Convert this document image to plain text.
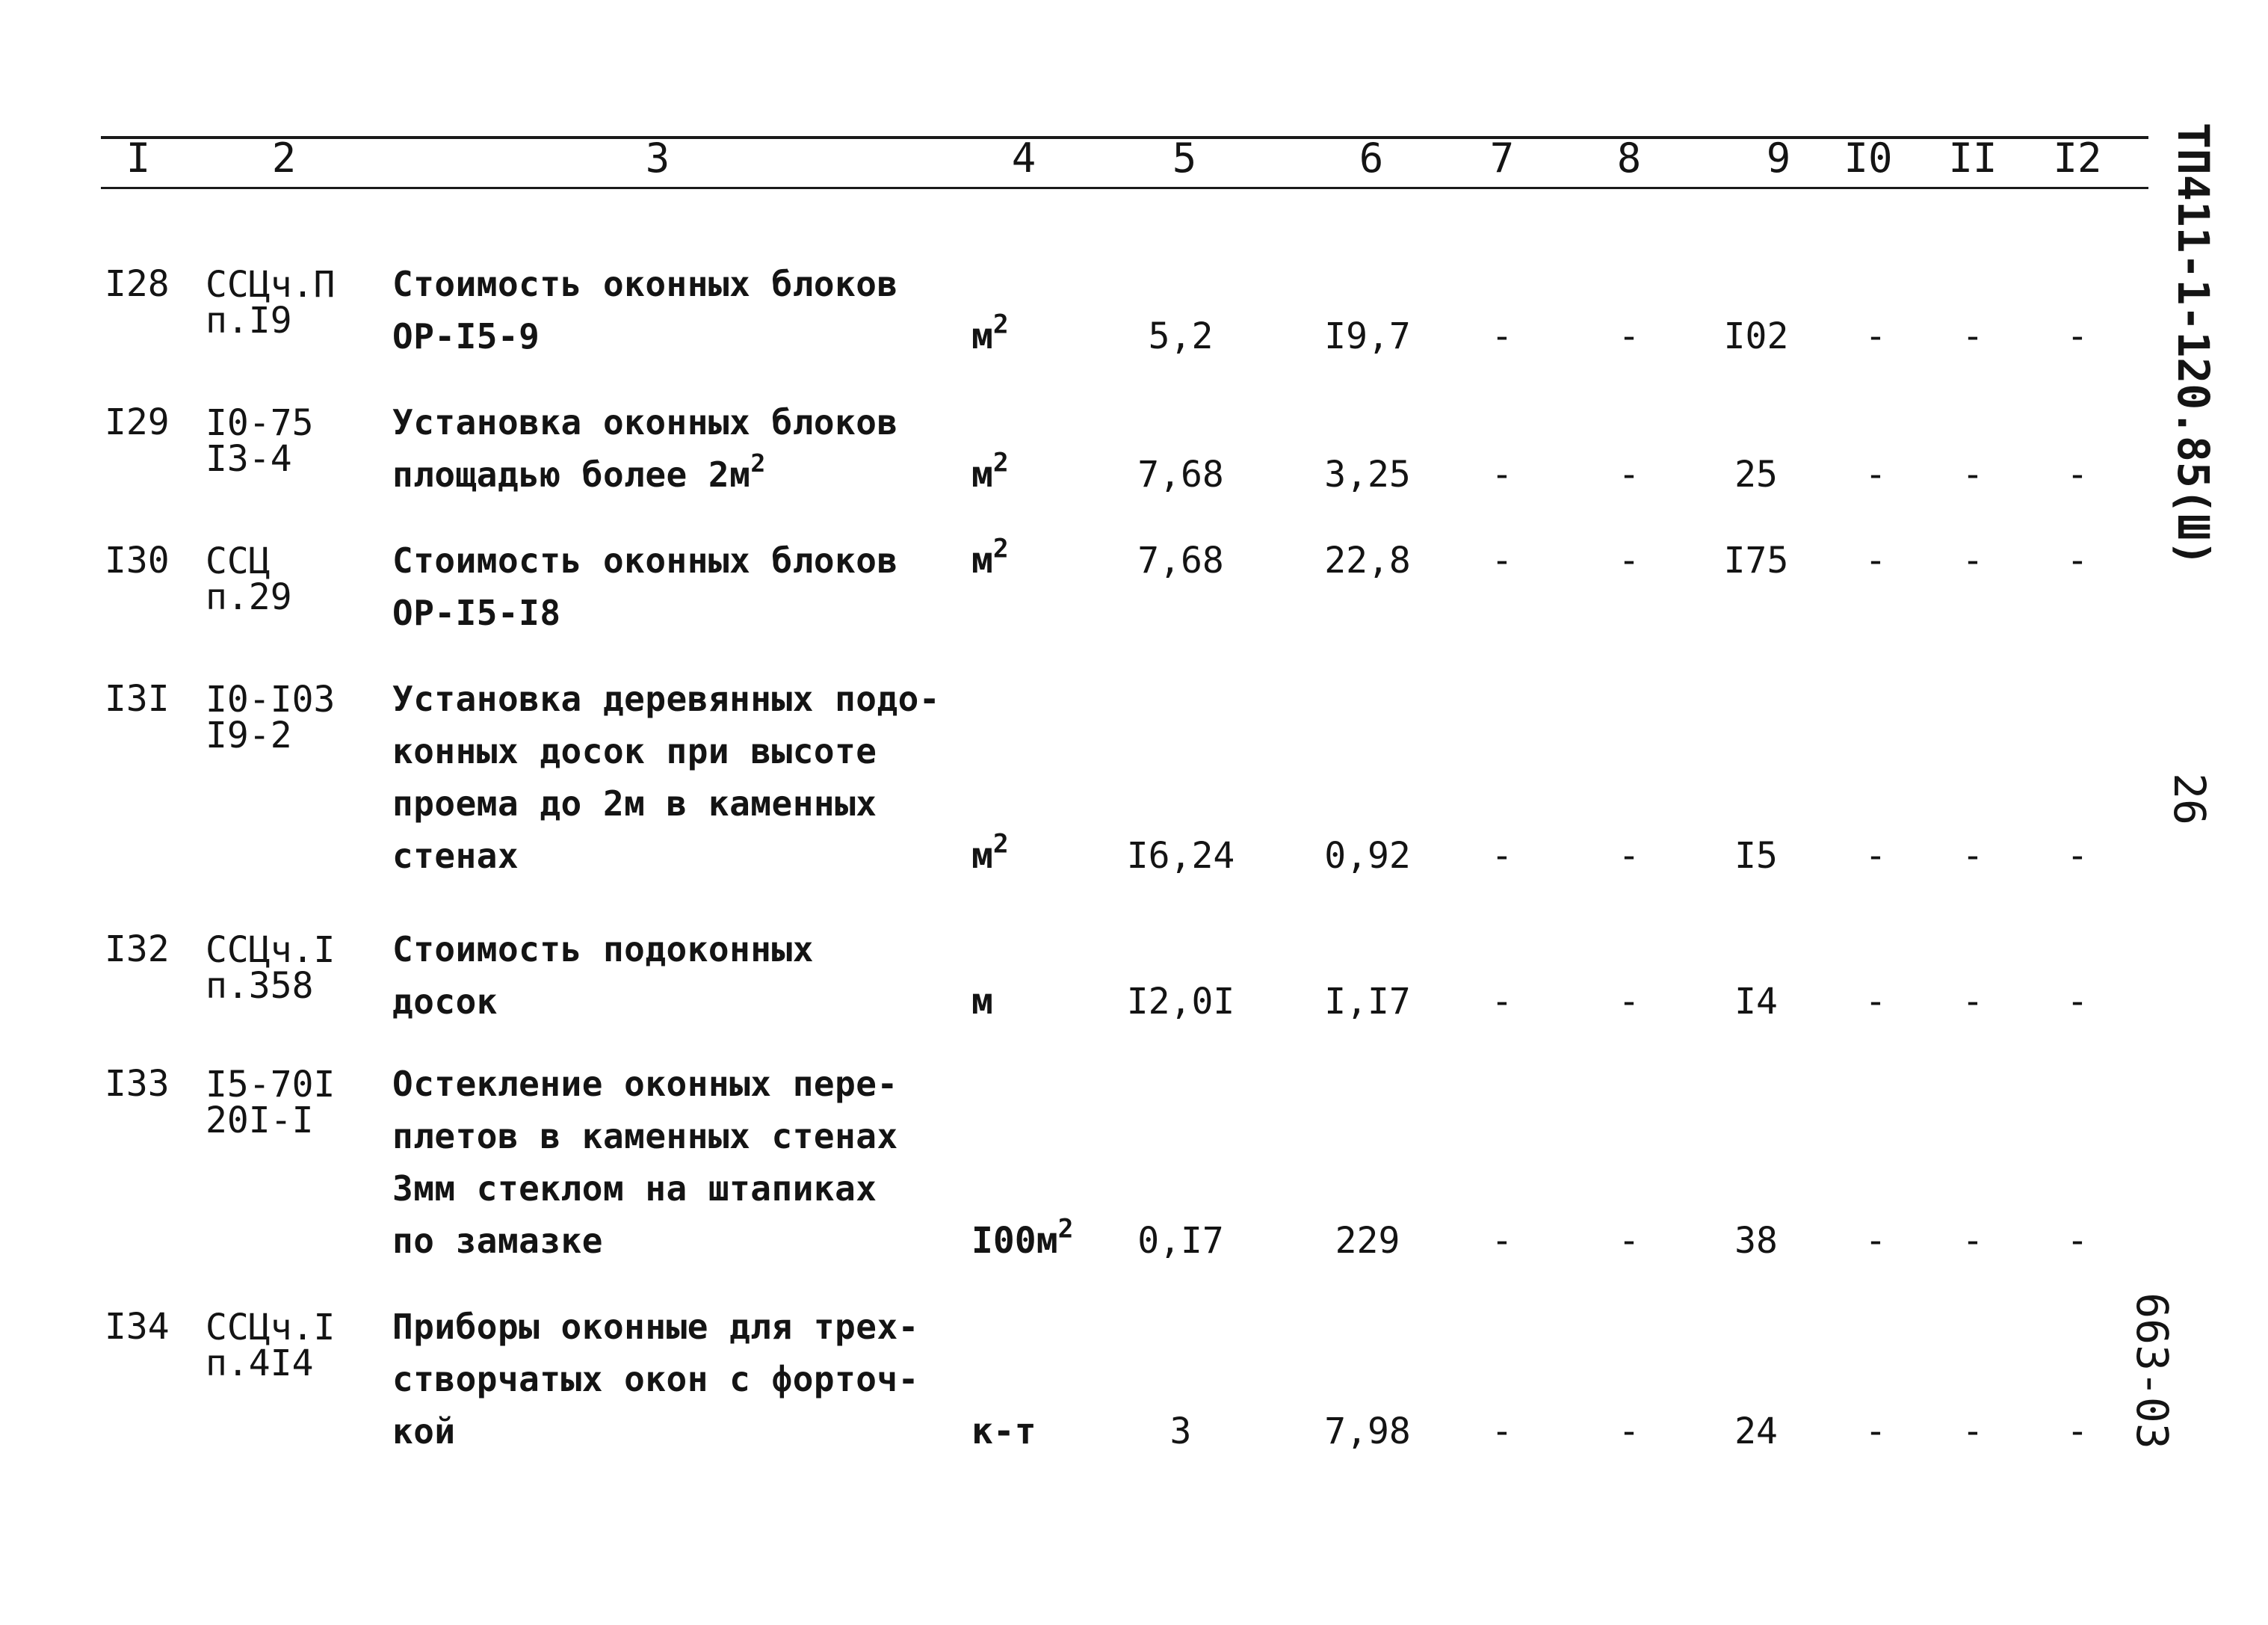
I	2	3	4	5	6	7	8	9	I0	II	I2
I28 ССЦч.П
п.I9
Стоимость оконных блоков
ОР-I5-9	$м^2$	5,2	I9,7	-	-	I02	-	-	-
I29 I0-75
I3-4
Установка оконных блоков
площадью более $2м^2$	$м^2$	7,68	3,25	-	-	25	-	-	-
I30 ССЦ
п.29
Стоимость оконных блоков
ОР-I5-I8
$м^2$	7,68	22,8	-	-	I75	-	-	-
I3I I0-I03
I9-2
Установка деревянных подо-
конных досок при высоте
проема до 2м в каменных
стенах	$м^2$	I6,24	0,92	-	-	I5	-	-	-
I32 ССЦч.I
п.358
Стоимость подоконных
досок	м	I2,0I	I,I7	-	-	I4	-	-	-
I33 I5-70I
20I-I
Остекление оконных пере-
плетов в каменных стенах
3мм стеклом на штапиках
по замазке	$I00м^2$	0,I7	229	-	-	38	-	-	-
I34 ССЦч.I
п.4I4
Приборы оконные для трех-
створчатых окон с форточ-
кой	к-т	3	7,98	-	-	24	-	-	-
ТП411-1-120.85(Ш)
26
663-03
